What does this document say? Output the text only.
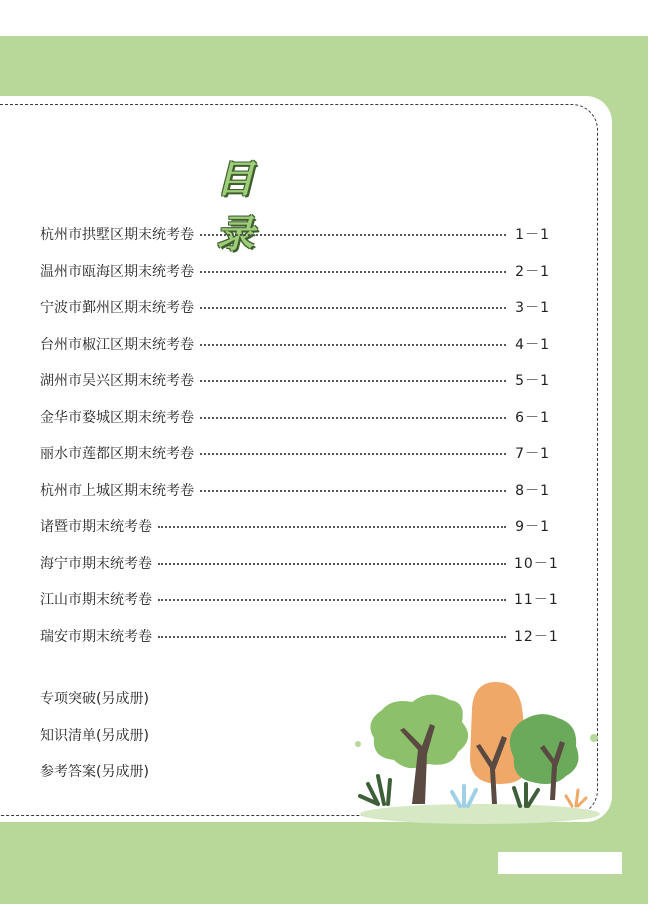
目 录
杭州市拱墅区期末统考卷	1－1
温州市瓯海区期末统考卷	2－1
宁波市鄞州区期末统考卷	3－1
台州市椒江区期末统考卷	4－1
湖州市吴兴区期末统考卷	5－1
金华市婺城区期末统考卷	6－1
丽水市莲都区期末统考卷	7－1
杭州市上城区期末统考卷	8－1
诸暨市期末统考卷	9－1
海宁市期末统考卷	10－1
江山市期末统考卷	11－1
瑞安市期末统考卷	12－1
专项突破(另成册)
知识清单(另成册)
参考答案(另成册)
